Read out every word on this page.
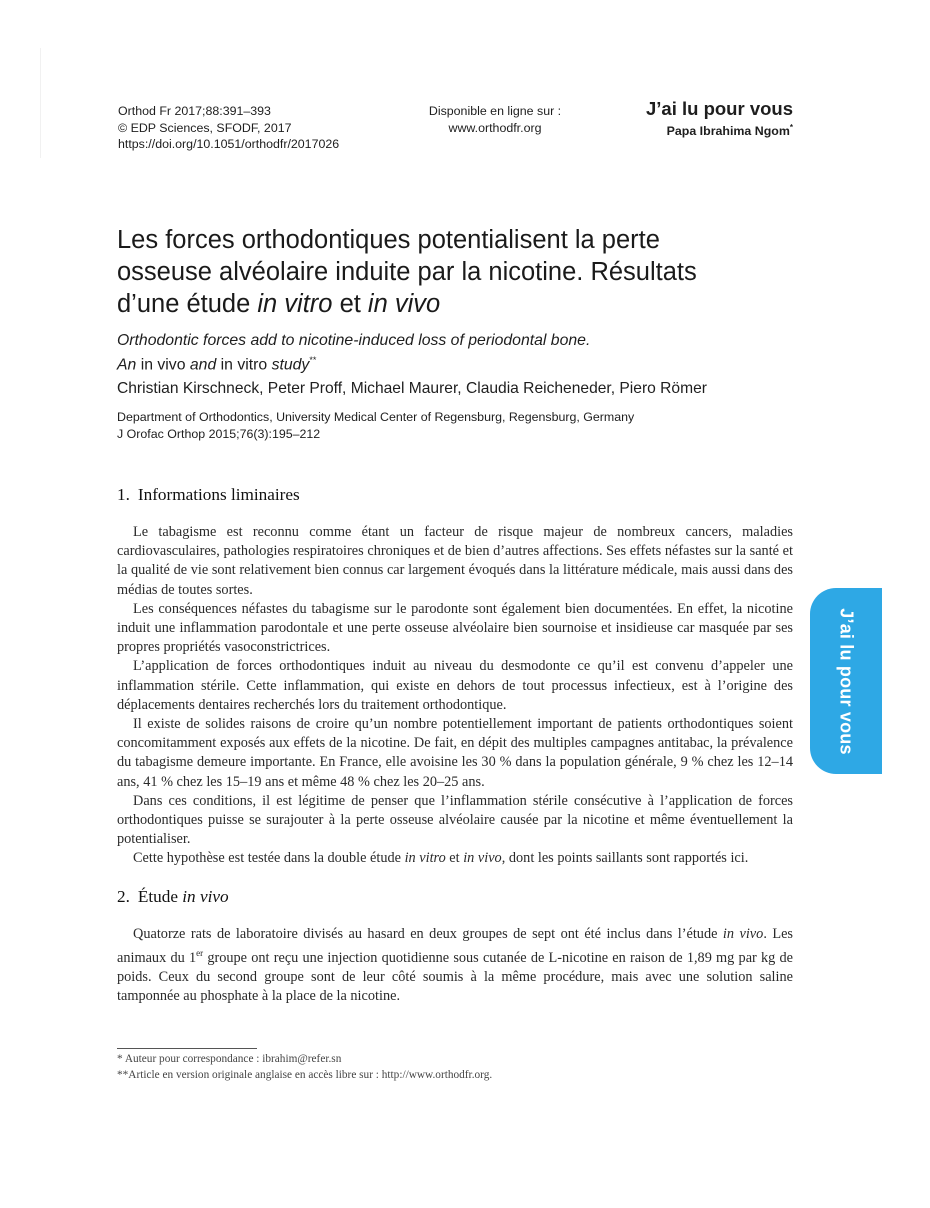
Orthod Fr 2017;88:391–393
© EDP Sciences, SFODF, 2017
https://doi.org/10.1051/orthodfr/2017026
Disponible en ligne sur :
www.orthodfr.org
J’ai lu pour vous
Papa Ibrahima Ngom*
Les forces orthodontiques potentialisent la perte osseuse alvéolaire induite par la nicotine. Résultats d’une étude in vitro et in vivo
Orthodontic forces add to nicotine-induced loss of periodontal bone.
An in vivo and in vitro study**
Christian Kirschneck, Peter Proff, Michael Maurer, Claudia Reicheneder, Piero Römer
Department of Orthodontics, University Medical Center of Regensburg, Regensburg, Germany
J Orofac Orthop 2015;76(3):195–212
1. Informations liminaires

Le tabagisme est reconnu comme étant un facteur de risque majeur de nombreux cancers, maladies cardiovasculaires, pathologies respiratoires chroniques et de bien d’autres affections. Ses effets néfastes sur la santé et la qualité de vie sont relativement bien connus car largement évoqués dans la littérature médicale, mais aussi dans des médias de toutes sortes.

Les conséquences néfastes du tabagisme sur le parodonte sont également bien documentées. En effet, la nicotine induit une inflammation parodontale et une perte osseuse alvéolaire bien sournoise et insidieuse car masquée par ses propres propriétés vasoconstrictrices.

L’application de forces orthodontiques induit au niveau du desmodonte ce qu’il est convenu d’appeler une inflammation stérile. Cette inflammation, qui existe en dehors de tout processus infectieux, est à l’origine des déplacements dentaires recherchés lors du traitement orthodontique.

Il existe de solides raisons de croire qu’un nombre potentiellement important de patients orthodontiques soient concomitamment exposés aux effets de la nicotine. De fait, en dépit des multiples campagnes antitabac, la prévalence du tabagisme demeure importante. En France, elle avoisine les 30 % dans la population générale, 9 % chez les 12–14 ans, 41 % chez les 15–19 ans et même 48 % chez les 20–25 ans.

Dans ces conditions, il est légitime de penser que l’inflammation stérile consécutive à l’application de forces orthodontiques puisse se surajouter à la perte osseuse alvéolaire causée par la nicotine et même éventuellement la potentialiser.

Cette hypothèse est testée dans la double étude in vitro et in vivo, dont les points saillants sont rapportés ici.

2. Étude in vivo

Quatorze rats de laboratoire divisés au hasard en deux groupes de sept ont été inclus dans l’étude in vivo. Les animaux du 1er groupe ont reçu une injection quotidienne sous cutanée de L-nicotine en raison de 1,89 mg par kg de poids. Ceux du second groupe sont de leur côté soumis à la même procédure, mais avec une solution saline tamponnée au phosphate à la place de la nicotine.

* Auteur pour correspondance : ibrahim@refer.sn
**Article en version originale anglaise en accès libre sur : http://www.orthodfr.org.
J’ai lu pour vous
